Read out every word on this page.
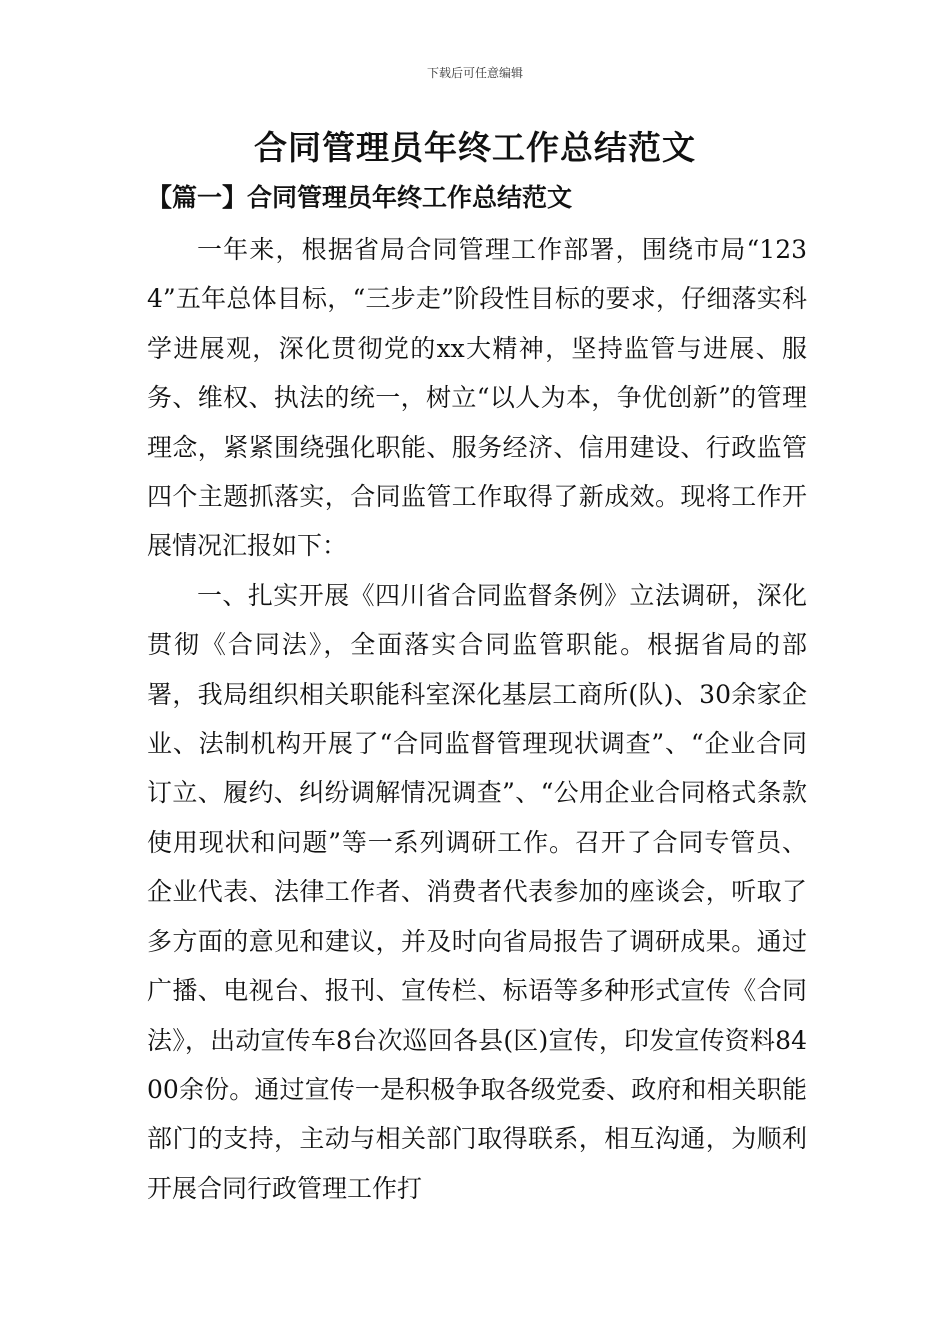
下载后可任意编辑
合同管理员年终工作总结范文
【篇一】合同管理员年终工作总结范文

一年来，根据省局合同管理工作部署，围绕市局“1234”五年总体目标，“三步走”阶段性目标的要求，仔细落实科学进展观，深化贯彻党的xx大精神，坚持监管与进展、服务、维权、执法的统一，树立“以人为本，争优创新”的管理理念，紧紧围绕强化职能、服务经济、信用建设、行政监管四个主题抓落实，合同监管工作取得了新成效。现将工作开展情况汇报如下：

一、扎实开展《四川省合同监督条例》立法调研，深化贯彻《合同法》，全面落实合同监管职能。根据省局的部署，我局组织相关职能科室深化基层工商所(队)、30余家企业、法制机构开展了“合同监督管理现状调查”、“企业合同订立、履约、纠纷调解情况调查”、“公用企业合同格式条款使用现状和问题”等一系列调研工作。召开了合同专管员、企业代表、法律工作者、消费者代表参加的座谈会，听取了多方面的意见和建议，并及时向省局报告了调研成果。通过广播、电视台、报刊、宣传栏、标语等多种形式宣传《合同法》，出动宣传车8台次巡回各县(区)宣传，印发宣传资料8400余份。通过宣传一是积极争取各级党委、政府和相关职能部门的支持，主动与相关部门取得联系，相互沟通，为顺利开展合同行政管理工作打
